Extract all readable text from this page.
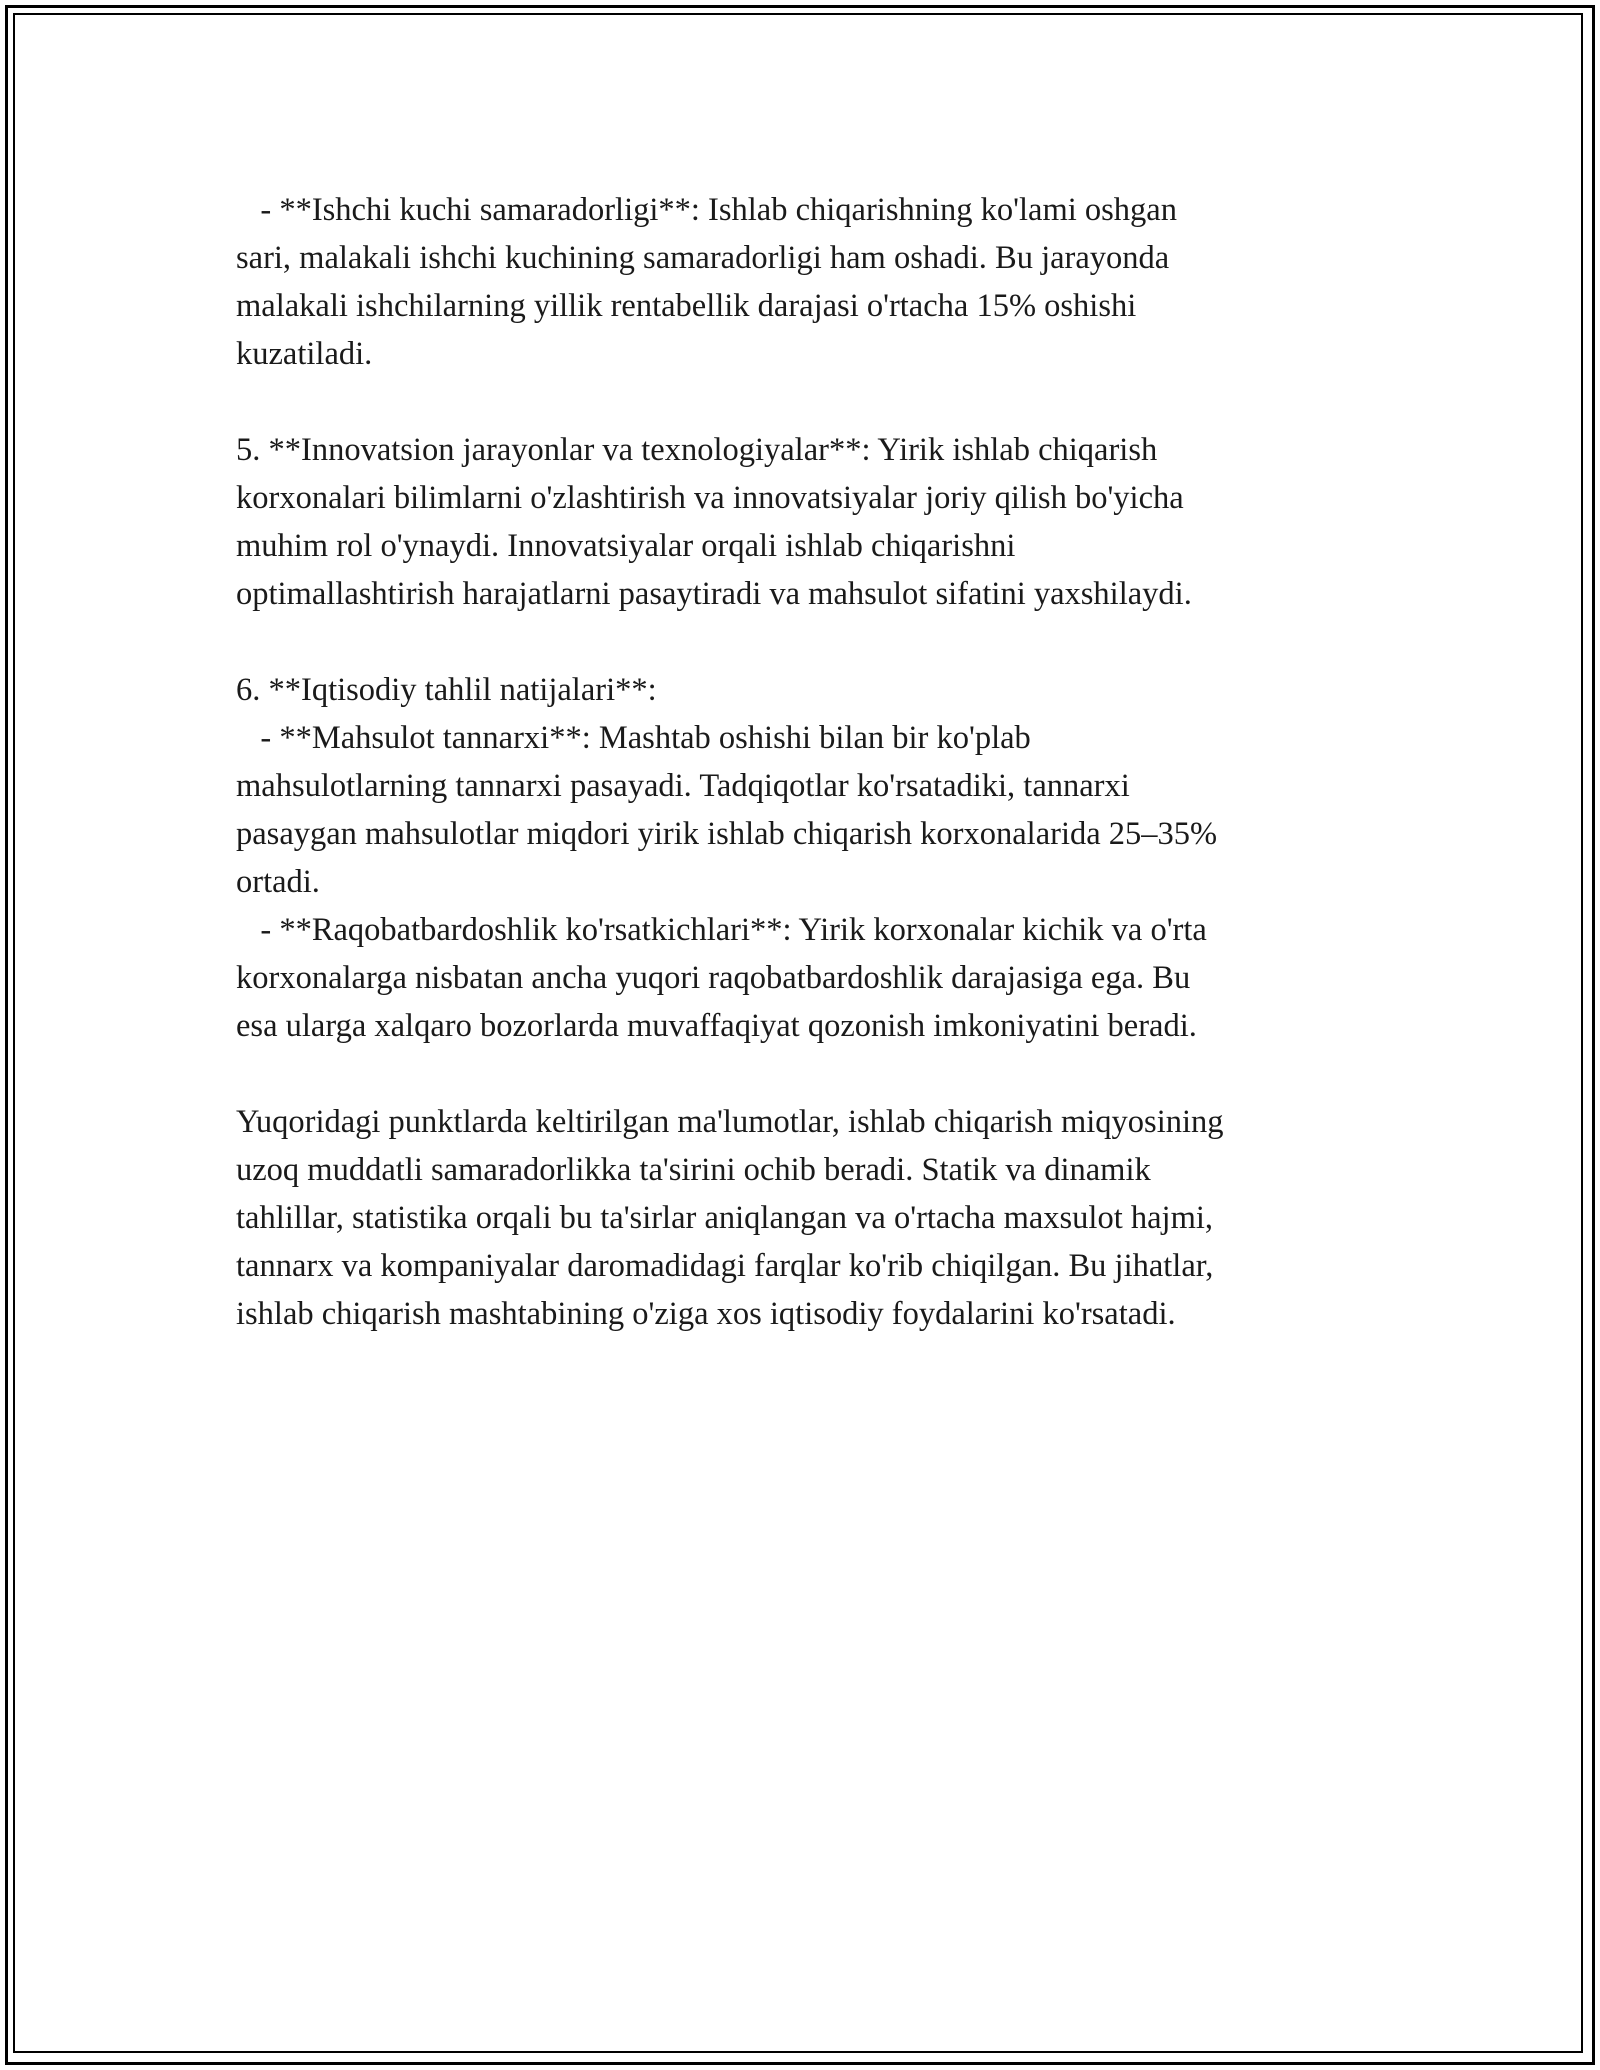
- **Ishchi kuchi samaradorligi**: Ishlab chiqarishning ko'lami oshgan
sari, malakali ishchi kuchining samaradorligi ham oshadi. Bu jarayonda
malakali ishchilarning yillik rentabellik darajasi o'rtacha 15% oshishi
kuzatiladi.
5. **Innovatsion jarayonlar va texnologiyalar**: Yirik ishlab chiqarish
korxonalari bilimlarni o'zlashtirish va innovatsiyalar joriy qilish bo'yicha
muhim rol o'ynaydi. Innovatsiyalar orqali ishlab chiqarishni
optimallashtirish harajatlarni pasaytiradi va mahsulot sifatini yaxshilaydi.
6. **Iqtisodiy tahlil natijalari**:
- **Mahsulot tannarxi**: Mashtab oshishi bilan bir ko'plab
mahsulotlarning tannarxi pasayadi. Tadqiqotlar ko'rsatadiki, tannarxi
pasaygan mahsulotlar miqdori yirik ishlab chiqarish korxonalarida 25–35%
ortadi.
- **Raqobatbardoshlik ko'rsatkichlari**: Yirik korxonalar kichik va o'rta
korxonalarga nisbatan ancha yuqori raqobatbardoshlik darajasiga ega. Bu
esa ularga xalqaro bozorlarda muvaffaqiyat qozonish imkoniyatini beradi.
Yuqoridagi punktlarda keltirilgan ma'lumotlar, ishlab chiqarish miqyosining
uzoq muddatli samaradorlikka ta'sirini ochib beradi. Statik va dinamik
tahlillar, statistika orqali bu ta'sirlar aniqlangan va o'rtacha maxsulot hajmi,
tannarx va kompaniyalar daromadidagi farqlar ko'rib chiqilgan. Bu jihatlar,
ishlab chiqarish mashtabining o'ziga xos iqtisodiy foydalarini ko'rsatadi.
